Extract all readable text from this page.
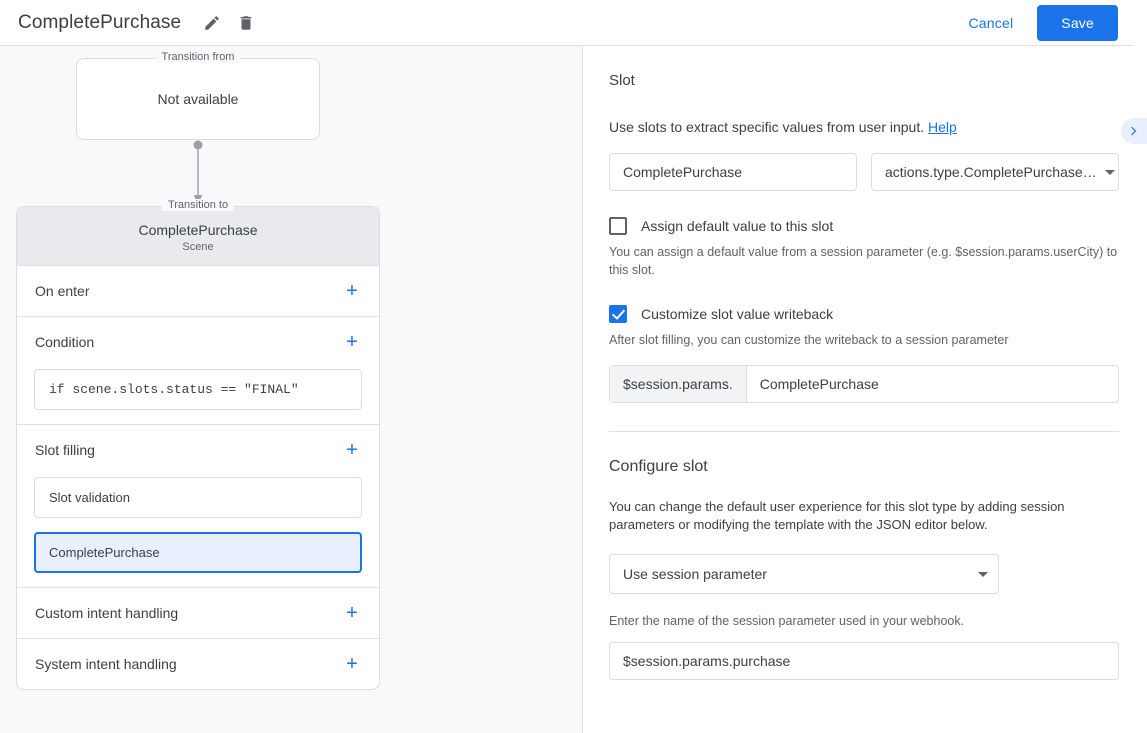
CompletePurchase	Cancel	Save
Transition from
Not available
Transition to
CompletePurchase
Scene
On enter	+
Condition	+
if scene.slots.status == "FINAL"
Slot filling	+
Slot validation
CompletePurchase
Custom intent handling	+
System intent handling	+
Slot
Use slots to extract specific values from user input. Help
CompletePurchase	actions.type.CompletePurchase…
Assign default value to this slot
You can assign a default value from a session parameter (e.g. $session.params.userCity) to this slot.
Customize slot value writeback
After slot filling, you can customize the writeback to a session parameter
$session.params.	CompletePurchase
Configure slot
You can change the default user experience for this slot type by adding session parameters or modifying the template with the JSON editor below.
Use session parameter
Enter the name of the session parameter used in your webhook.
$session.params.purchase
